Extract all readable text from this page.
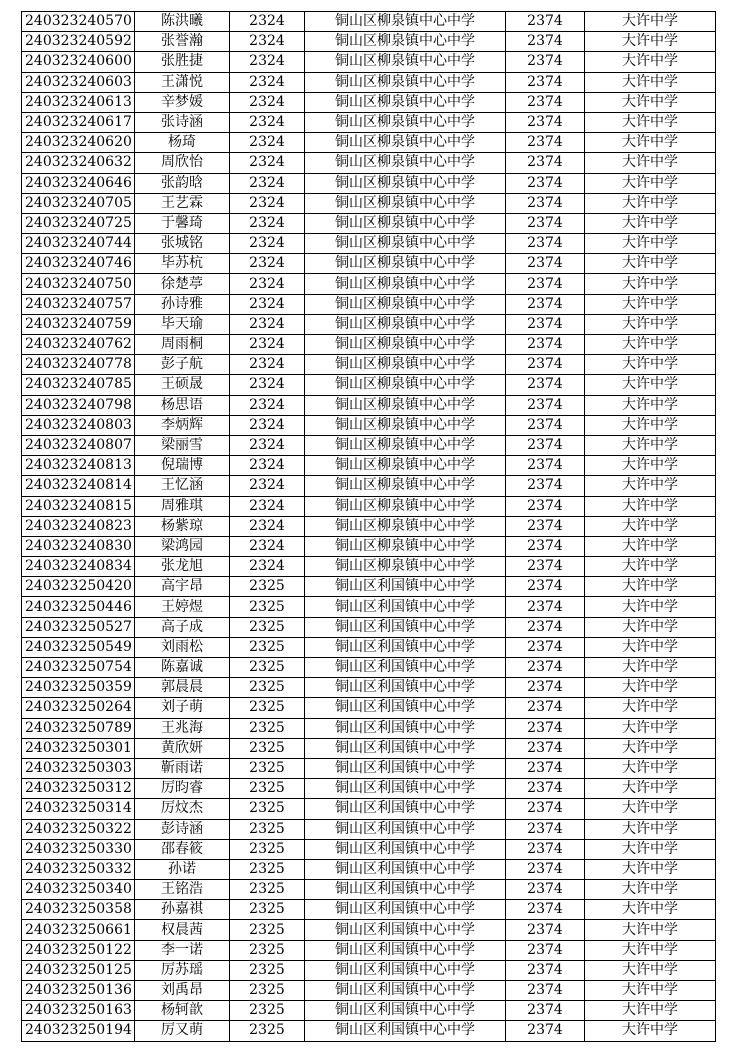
240323240570	陈洪曦	2324	铜山区柳泉镇中心中学	2374	大许中学
240323240592	张誉瀚	2324	铜山区柳泉镇中心中学	2374	大许中学
240323240600	张胜捷	2324	铜山区柳泉镇中心中学	2374	大许中学
240323240603	王潇悦	2324	铜山区柳泉镇中心中学	2374	大许中学
240323240613	辛梦媛	2324	铜山区柳泉镇中心中学	2374	大许中学
240323240617	张诗涵	2324	铜山区柳泉镇中心中学	2374	大许中学
240323240620	杨琦	2324	铜山区柳泉镇中心中学	2374	大许中学
240323240632	周欣怡	2324	铜山区柳泉镇中心中学	2374	大许中学
240323240646	张韵晗	2324	铜山区柳泉镇中心中学	2374	大许中学
240323240705	王艺霖	2324	铜山区柳泉镇中心中学	2374	大许中学
240323240725	于馨琦	2324	铜山区柳泉镇中心中学	2374	大许中学
240323240744	张城铭	2324	铜山区柳泉镇中心中学	2374	大许中学
240323240746	毕苏杭	2324	铜山区柳泉镇中心中学	2374	大许中学
240323240750	徐楚葶	2324	铜山区柳泉镇中心中学	2374	大许中学
240323240757	孙诗雅	2324	铜山区柳泉镇中心中学	2374	大许中学
240323240759	毕天瑜	2324	铜山区柳泉镇中心中学	2374	大许中学
240323240762	周雨桐	2324	铜山区柳泉镇中心中学	2374	大许中学
240323240778	彭子航	2324	铜山区柳泉镇中心中学	2374	大许中学
240323240785	王硕晟	2324	铜山区柳泉镇中心中学	2374	大许中学
240323240798	杨思语	2324	铜山区柳泉镇中心中学	2374	大许中学
240323240803	李炳辉	2324	铜山区柳泉镇中心中学	2374	大许中学
240323240807	梁丽雪	2324	铜山区柳泉镇中心中学	2374	大许中学
240323240813	倪瑞博	2324	铜山区柳泉镇中心中学	2374	大许中学
240323240814	王忆涵	2324	铜山区柳泉镇中心中学	2374	大许中学
240323240815	周雅琪	2324	铜山区柳泉镇中心中学	2374	大许中学
240323240823	杨紫琼	2324	铜山区柳泉镇中心中学	2374	大许中学
240323240830	梁鸿园	2324	铜山区柳泉镇中心中学	2374	大许中学
240323240834	张龙旭	2324	铜山区柳泉镇中心中学	2374	大许中学
240323250420	高宇昂	2325	铜山区利国镇中心中学	2374	大许中学
240323250446	王婷煜	2325	铜山区利国镇中心中学	2374	大许中学
240323250527	高子成	2325	铜山区利国镇中心中学	2374	大许中学
240323250549	刘雨松	2325	铜山区利国镇中心中学	2374	大许中学
240323250754	陈嘉诚	2325	铜山区利国镇中心中学	2374	大许中学
240323250359	郭晨晨	2325	铜山区利国镇中心中学	2374	大许中学
240323250264	刘子萌	2325	铜山区利国镇中心中学	2374	大许中学
240323250789	王兆海	2325	铜山区利国镇中心中学	2374	大许中学
240323250301	黄欣妍	2325	铜山区利国镇中心中学	2374	大许中学
240323250303	靳雨诺	2325	铜山区利国镇中心中学	2374	大许中学
240323250312	厉昀睿	2325	铜山区利国镇中心中学	2374	大许中学
240323250314	厉炆杰	2325	铜山区利国镇中心中学	2374	大许中学
240323250322	彭诗涵	2325	铜山区利国镇中心中学	2374	大许中学
240323250330	邵春筱	2325	铜山区利国镇中心中学	2374	大许中学
240323250332	孙诺	2325	铜山区利国镇中心中学	2374	大许中学
240323250340	王铭浩	2325	铜山区利国镇中心中学	2374	大许中学
240323250358	孙嘉祺	2325	铜山区利国镇中心中学	2374	大许中学
240323250661	权晨茜	2325	铜山区利国镇中心中学	2374	大许中学
240323250122	李一诺	2325	铜山区利国镇中心中学	2374	大许中学
240323250125	厉苏瑶	2325	铜山区利国镇中心中学	2374	大许中学
240323250136	刘禹昂	2325	铜山区利国镇中心中学	2374	大许中学
240323250163	杨轲歆	2325	铜山区利国镇中心中学	2374	大许中学
240323250194	厉又萌	2325	铜山区利国镇中心中学	2374	大许中学
